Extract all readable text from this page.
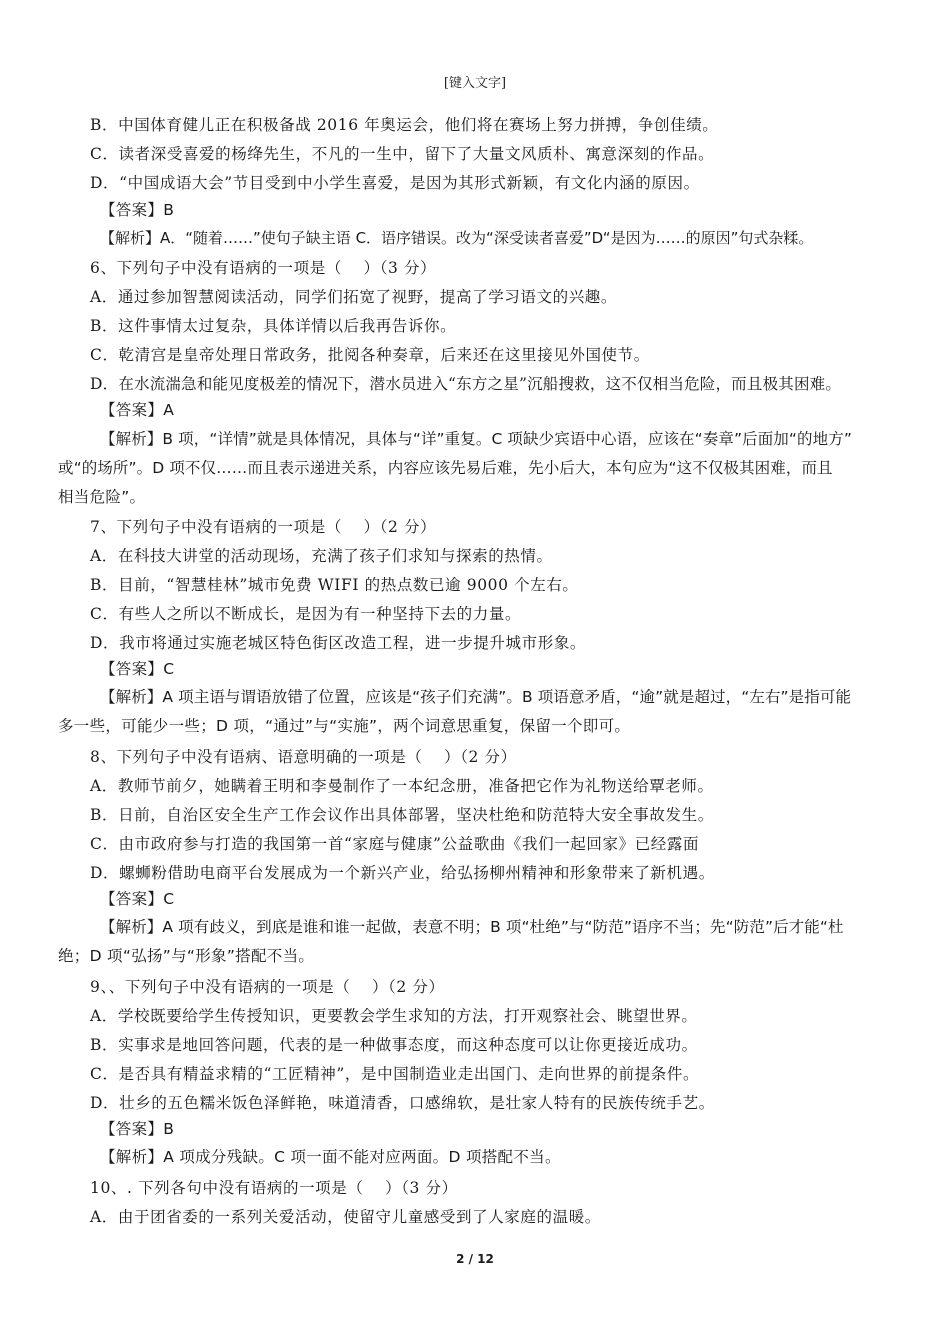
[键入文字]
B．中国体育健儿正在积极备战 2016 年奥运会，他们将在赛场上努力拼搏，争创佳绩。
C．读者深受喜爱的杨绛先生，不凡的一生中，留下了大量文风质朴、寓意深刻的作品。
D．“中国成语大会”节目受到中小学生喜爱，是因为其形式新颖，有文化内涵的原因。
【答案】B
【解析】A．“随着……”使句子缺主语 C．语序错误。改为“深受读者喜爱”D“是因为……的原因”句式杂糅。
6、下列句子中没有语病的一项是（　 ）（3 分）
A．通过参加智慧阅读活动，同学们拓宽了视野，提高了学习语文的兴趣。
B．这件事情太过复杂，具体详情以后我再告诉你。
C．乾清宫是皇帝处理日常政务，批阅各种奏章，后来还在这里接见外国使节。
D．在水流湍急和能见度极差的情况下，潜水员进入“东方之星”沉船搜救，这不仅相当危险，而且极其困难。
【答案】A
【解析】B 项，“详情”就是具体情况，具体与“详”重复。C 项缺少宾语中心语，应该在“奏章”后面加“的地方”
或“的场所”。D 项不仅……而且表示递进关系，内容应该先易后难，先小后大，本句应为“这不仅极其困难，而且
相当危险”。
7、下列句子中没有语病的一项是（　 ）（2 分）
A．在科技大讲堂的活动现场，充满了孩子们求知与探索的热情。
B．目前，“智慧桂林”城市免费 WIFI 的热点数已逾 9000 个左右。
C．有些人之所以不断成长，是因为有一种坚持下去的力量。
D．我市将通过实施老城区特色街区改造工程，进一步提升城市形象。
【答案】C
【解析】A 项主语与谓语放错了位置，应该是“孩子们充满”。B 项语意矛盾，“逾”就是超过，“左右”是指可能
多一些，可能少一些；D 项，“通过”与“实施”，两个词意思重复，保留一个即可。
8、下列句子中没有语病、语意明确的一项是（　 ）（2 分）
A．教师节前夕，她瞒着王明和李曼制作了一本纪念册，准备把它作为礼物送给覃老师。
B．日前，自治区安全生产工作会议作出具体部署，坚决杜绝和防范特大安全事故发生。
C．由市政府参与打造的我国第一首“家庭与健康”公益歌曲《我们一起回家》已经露面
D．螺蛳粉借助电商平台发展成为一个新兴产业，给弘扬柳州精神和形象带来了新机遇。
【答案】C
【解析】A 项有歧义，到底是谁和谁一起做，表意不明；B 项“杜绝”与“防范”语序不当；先“防范”后才能“杜
绝；D 项“弘扬”与“形象”搭配不当。
9、、下列句子中没有语病的一项是（　 ）（2 分）
A．学校既要给学生传授知识，更要教会学生求知的方法，打开观察社会、眺望世界。
B．实事求是地回答问题，代表的是一种做事态度，而这种态度可以让你更接近成功。
C．是否具有精益求精的“工匠精神”，是中国制造业走出国门、走向世界的前提条件。
D．壮乡的五色糯米饭色泽鲜艳，味道清香，口感绵软，是壮家人特有的民族传统手艺。
【答案】B
【解析】A 项成分残缺。C 项一面不能对应两面。D 项搭配不当。
10、. 下列各句中没有语病的一项是（　 ）（3 分）
A．由于团省委的一系列关爱活动，使留守儿童感受到了人家庭的温暖。
2 / 12
